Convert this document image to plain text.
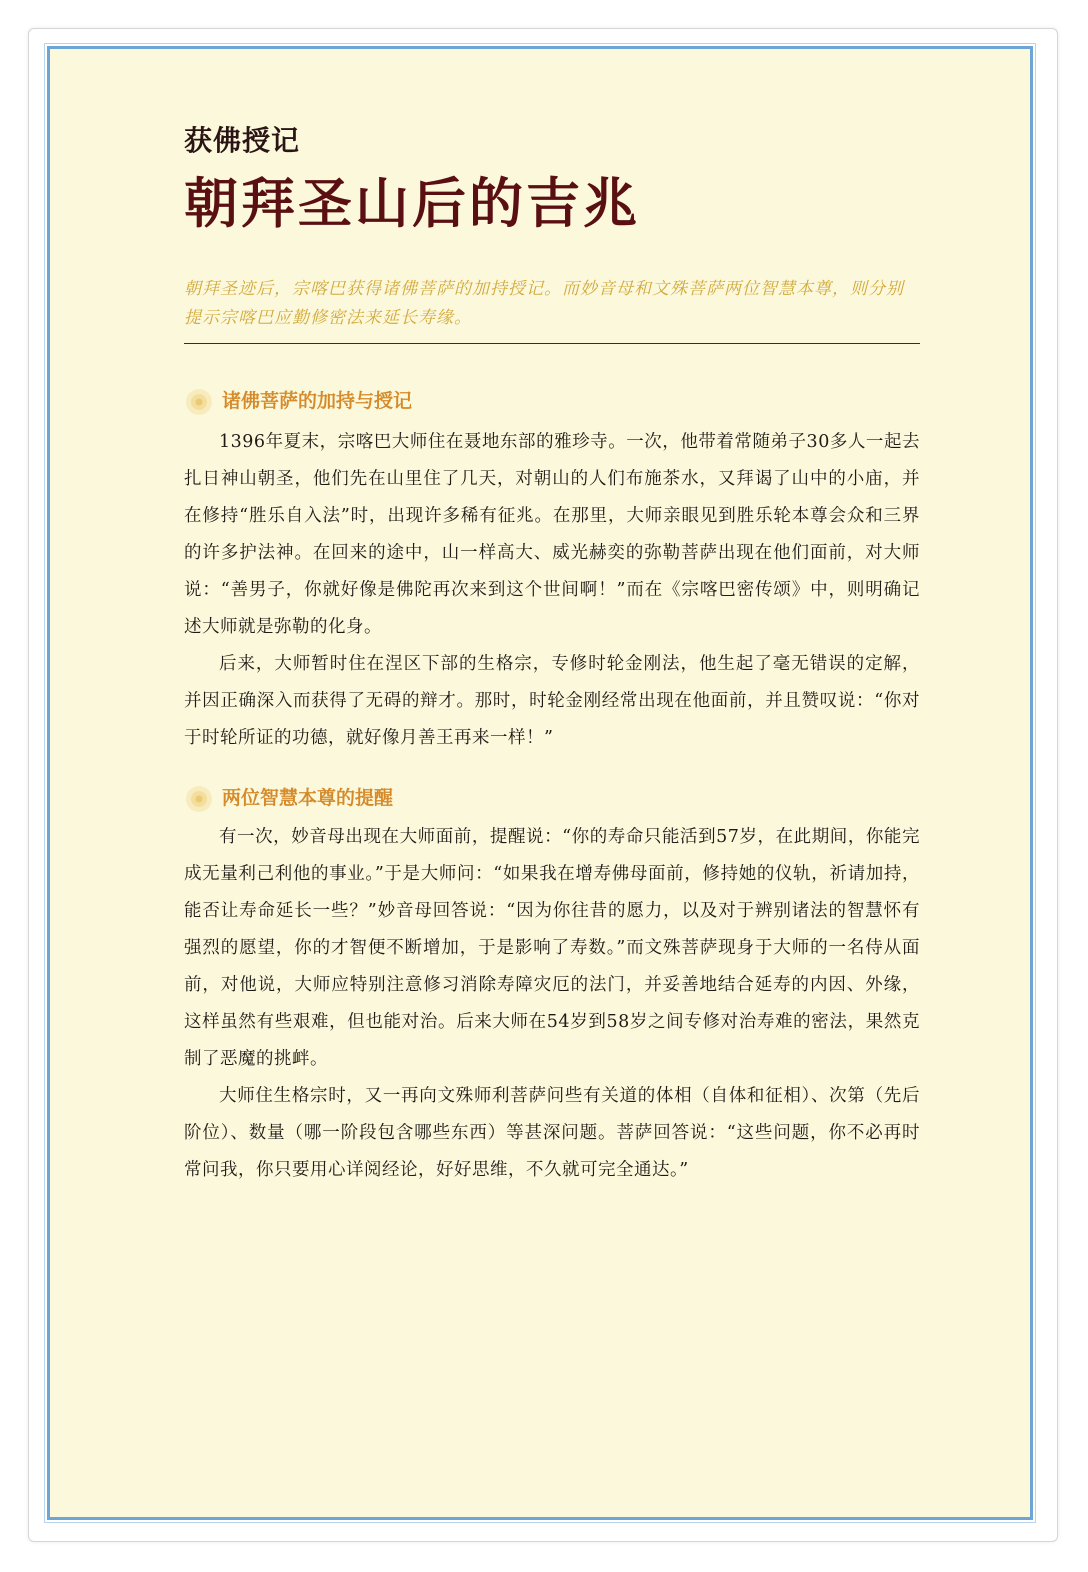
获佛授记
朝拜圣山后的吉兆

朝拜圣迹后，宗喀巴获得诸佛菩萨的加持授记。而妙音母和文殊菩萨两位智慧本尊，则分别提示宗喀巴应勤修密法来延长寿缘。

诸佛菩萨的加持与授记

1396年夏末，宗喀巴大师住在聂地东部的雅珍寺。一次，他带着常随弟子30多人一起去扎日神山朝圣，他们先在山里住了几天，对朝山的人们布施茶水，又拜谒了山中的小庙，并在修持“胜乐自入法”时，出现许多稀有征兆。在那里，大师亲眼见到胜乐轮本尊会众和三界的许多护法神。在回来的途中，山一样高大、威光赫奕的弥勒菩萨出现在他们面前，对大师说：“善男子，你就好像是佛陀再次来到这个世间啊！”而在《宗喀巴密传颂》中，则明确记述大师就是弥勒的化身。

后来，大师暂时住在涅区下部的生格宗，专修时轮金刚法，他生起了毫无错误的定解，并因正确深入而获得了无碍的辩才。那时，时轮金刚经常出现在他面前，并且赞叹说：“你对于时轮所证的功德，就好像月善王再来一样！”

两位智慧本尊的提醒

有一次，妙音母出现在大师面前，提醒说：“你的寿命只能活到57岁，在此期间，你能完成无量利己利他的事业。”于是大师问：“如果我在增寿佛母面前，修持她的仪轨，祈请加持，能否让寿命延长一些？”妙音母回答说：“因为你往昔的愿力，以及对于辨别诸法的智慧怀有强烈的愿望，你的才智便不断增加，于是影响了寿数。”而文殊菩萨现身于大师的一名侍从面前，对他说，大师应特别注意修习消除寿障灾厄的法门，并妥善地结合延寿的内因、外缘，这样虽然有些艰难，但也能对治。后来大师在54岁到58岁之间专修对治寿难的密法，果然克制了恶魔的挑衅。

大师住生格宗时，又一再向文殊师利菩萨问些有关道的体相（自体和征相）、次第（先后阶位）、数量（哪一阶段包含哪些东西）等甚深问题。菩萨回答说：“这些问题，你不必再时常问我，你只要用心详阅经论，好好思维，不久就可完全通达。”
